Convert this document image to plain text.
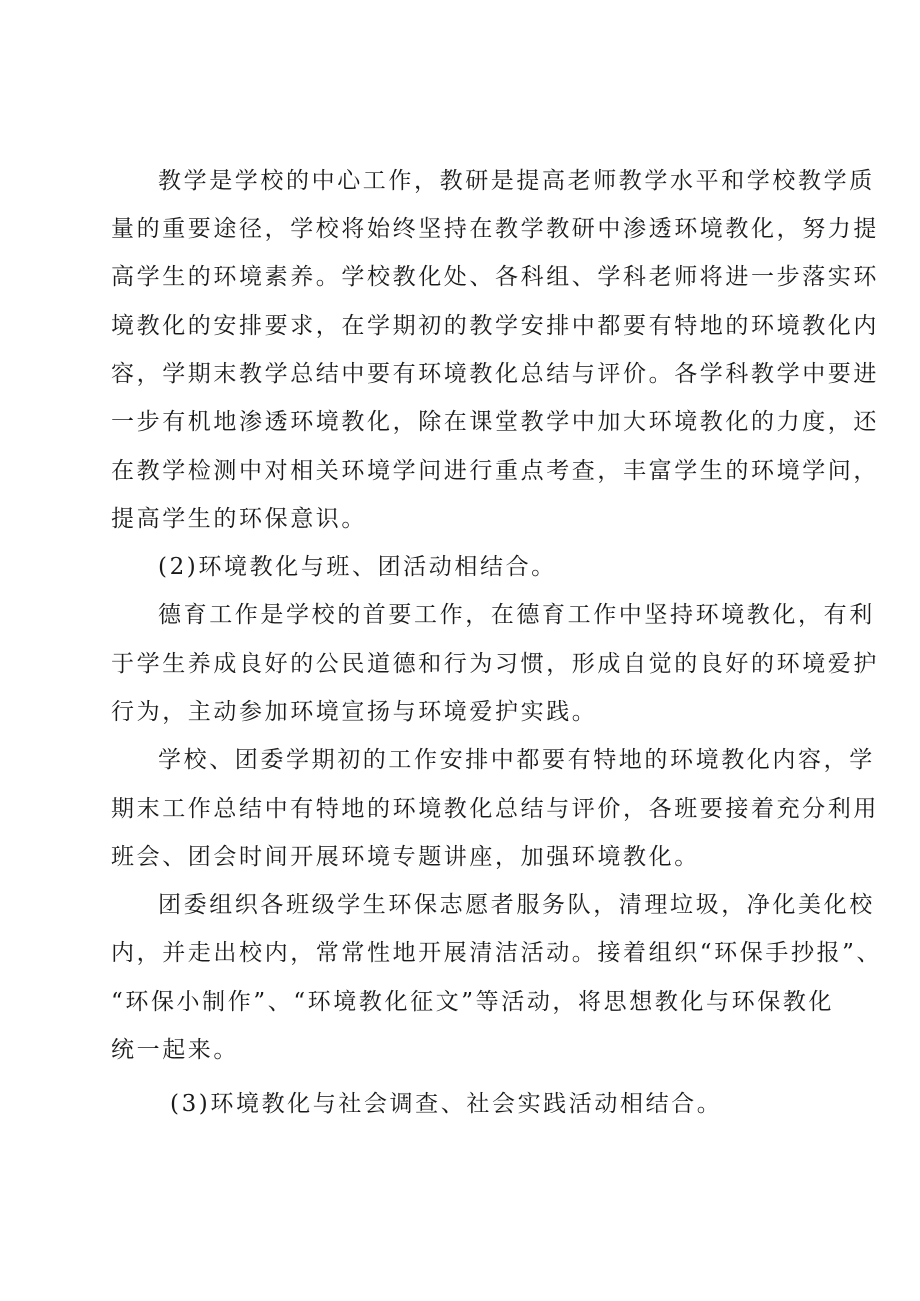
教学是学校的中心工作，教研是提高老师教学水平和学校教学质
量的重要途径，学校将始终坚持在教学教研中渗透环境教化，努力提
高学生的环境素养。学校教化处、各科组、学科老师将进一步落实环
境教化的安排要求，在学期初的教学安排中都要有特地的环境教化内
容，学期末教学总结中要有环境教化总结与评价。各学科教学中要进
一步有机地渗透环境教化，除在课堂教学中加大环境教化的力度，还
在教学检测中对相关环境学问进行重点考查，丰富学生的环境学问，
提高学生的环保意识。
(2)环境教化与班、团活动相结合。
德育工作是学校的首要工作，在德育工作中坚持环境教化，有利
于学生养成良好的公民道德和行为习惯，形成自觉的良好的环境爱护
行为，主动参加环境宣扬与环境爱护实践。
学校、团委学期初的工作安排中都要有特地的环境教化内容，学
期末工作总结中有特地的环境教化总结与评价，各班要接着充分利用
班会、团会时间开展环境专题讲座，加强环境教化。
团委组织各班级学生环保志愿者服务队，清理垃圾，净化美化校
内，并走出校内，常常性地开展清洁活动。接着组织“环保手抄报”、
“环保小制作”、“环境教化征文”等活动，将思想教化与环保教化
统一起来。
(3)环境教化与社会调查、社会实践活动相结合。
